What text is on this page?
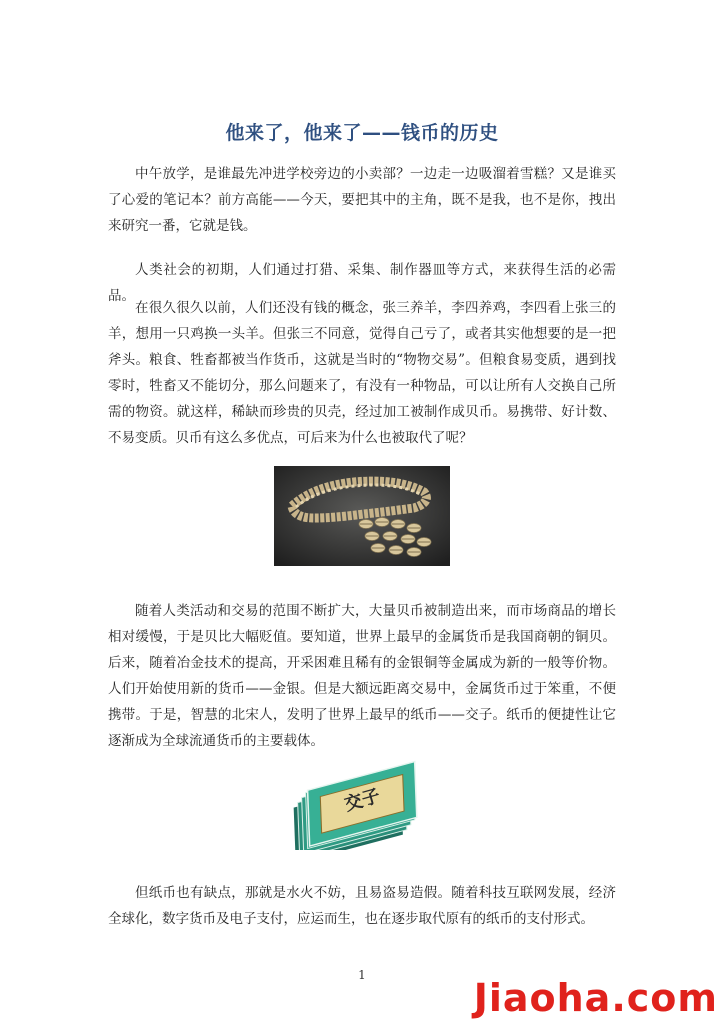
他来了，他来了——钱币的历史

中午放学，是谁最先冲进学校旁边的小卖部？一边走一边吸溜着雪糕？又是谁买了心爱的笔记本？前方高能——今天，要把其中的主角，既不是我，也不是你，拽出来研究一番，它就是钱。

人类社会的初期，人们通过打猎、采集、制作器皿等方式，来获得生活的必需品。

在很久很久以前，人们还没有钱的概念，张三养羊，李四养鸡，李四看上张三的羊，想用一只鸡换一头羊。但张三不同意，觉得自己亏了，或者其实他想要的是一把斧头。粮食、牲畜都被当作货币，这就是当时的“物物交易”。但粮食易变质，遇到找零时，牲畜又不能切分，那么问题来了，有没有一种物品，可以让所有人交换自己所需的物资。就这样，稀缺而珍贵的贝壳，经过加工被制作成贝币。易携带、好计数、不易变质。贝币有这么多优点，可后来为什么也被取代了呢？

随着人类活动和交易的范围不断扩大，大量贝币被制造出来，而市场商品的增长相对缓慢，于是贝比大幅贬值。要知道，世界上最早的金属货币是我国商朝的铜贝。后来，随着冶金技术的提高，开采困难且稀有的金银铜等金属成为新的一般等价物。人们开始使用新的货币——金银。但是大额远距离交易中，金属货币过于笨重，不便携带。于是，智慧的北宋人，发明了世界上最早的纸币——交子。纸币的便捷性让它逐渐成为全球流通货币的主要载体。

交子

但纸币也有缺点，那就是水火不妨，且易盗易造假。随着科技互联网发展，经济全球化，数字货币及电子支付，应运而生，也在逐步取代原有的纸币的支付形式。

1
Jiaoha.com
